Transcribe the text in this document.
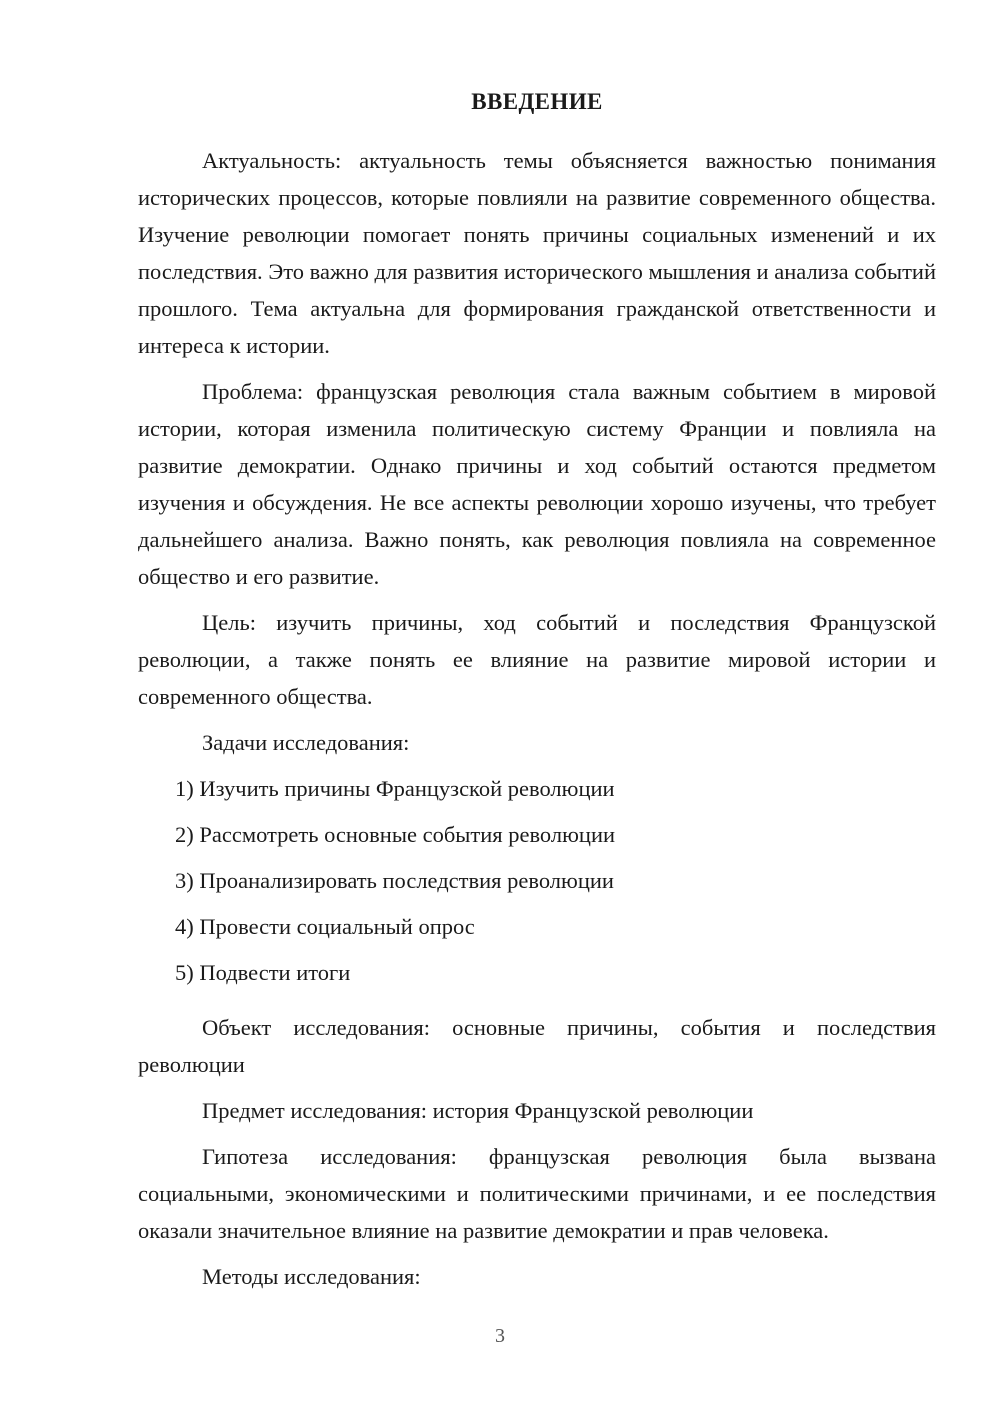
ВВЕДЕНИЕ

Актуальность: актуальность темы объясняется важностью понимания исторических процессов, которые повлияли на развитие современного общества. Изучение революции помогает понять причины социальных изменений и их последствия. Это важно для развития исторического мышления и анализа событий прошлого. Тема актуальна для формирования гражданской ответственности и интереса к истории.

Проблема: французская революция стала важным событием в мировой истории, которая изменила политическую систему Франции и повлияла на развитие демократии. Однако причины и ход событий остаются предметом изучения и обсуждения. Не все аспекты революции хорошо изучены, что требует дальнейшего анализа. Важно понять, как революция повлияла на современное общество и его развитие.

Цель: изучить причины, ход событий и последствия Французской революции, а также понять ее влияние на развитие мировой истории и современного общества.

Задачи исследования:

1) Изучить причины Французской революции
2) Рассмотреть основные события революции
3) Проанализировать последствия революции
4) Провести социальный опрос
5) Подвести итоги

Объект исследования: основные причины, события и последствия революции

Предмет исследования: история Французской революции

Гипотеза исследования: французская революция была вызвана социальными, экономическими и политическими причинами, и ее последствия оказали значительное влияние на развитие демократии и прав человека.

Методы исследования:

3
